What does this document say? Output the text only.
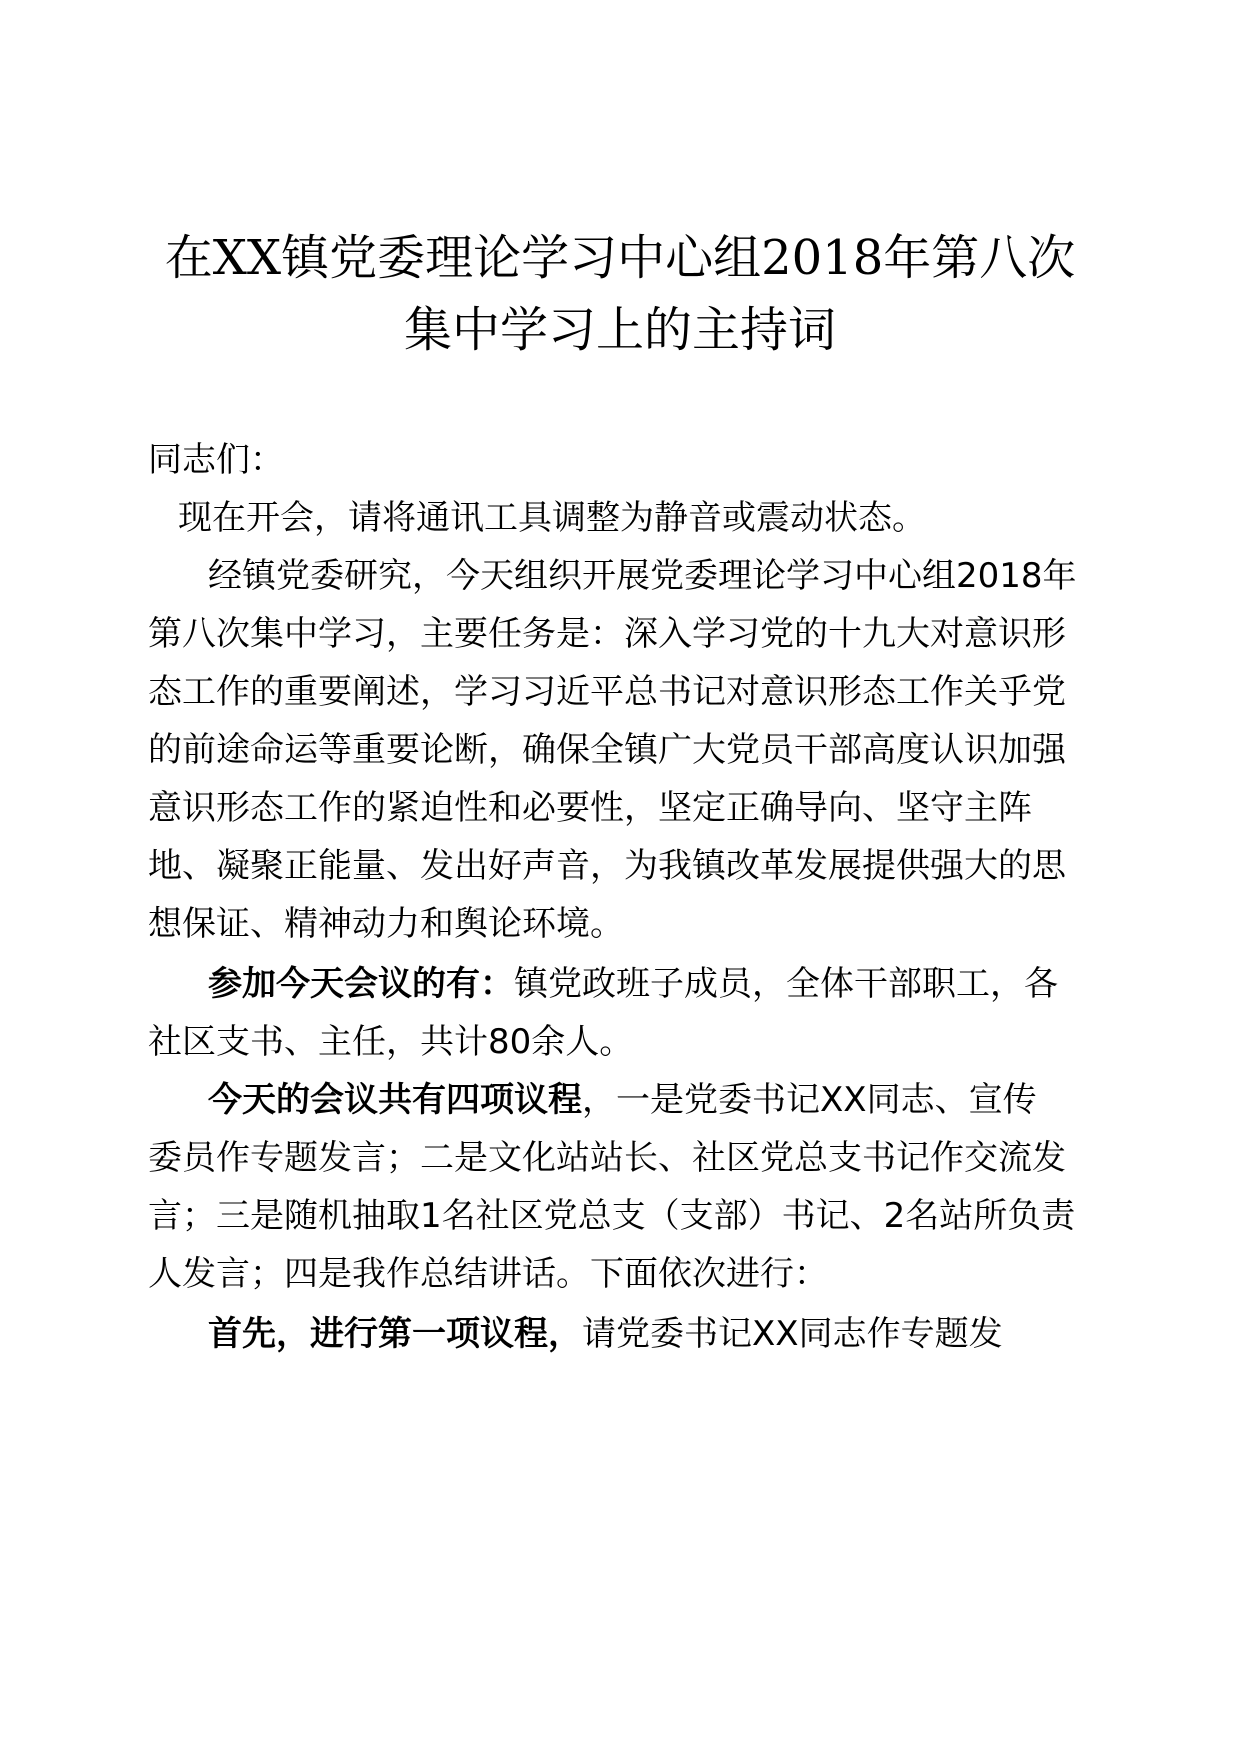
在XX镇党委理论学习中心组2018年第八次
集中学习上的主持词
同志们：
现在开会，请将通讯工具调整为静音或震动状态。
经镇党委研究，今天组织开展党委理论学习中心组2018年
第八次集中学习，主要任务是：深入学习党的十九大对意识形
态工作的重要阐述，学习习近平总书记对意识形态工作关乎党
的前途命运等重要论断，确保全镇广大党员干部高度认识加强
意识形态工作的紧迫性和必要性，坚定正确导向、坚守主阵
地、凝聚正能量、发出好声音，为我镇改革发展提供强大的思
想保证、精神动力和舆论环境。
参加今天会议的有：镇党政班子成员，全体干部职工，各
社区支书、主任，共计80余人。
今天的会议共有四项议程，一是党委书记XX同志、宣传
委员作专题发言；二是文化站站长、社区党总支书记作交流发
言；三是随机抽取1名社区党总支（支部）书记、2名站所负责
人发言；四是我作总结讲话。下面依次进行：
首先，进行第一项议程，请党委书记XX同志作专题发
